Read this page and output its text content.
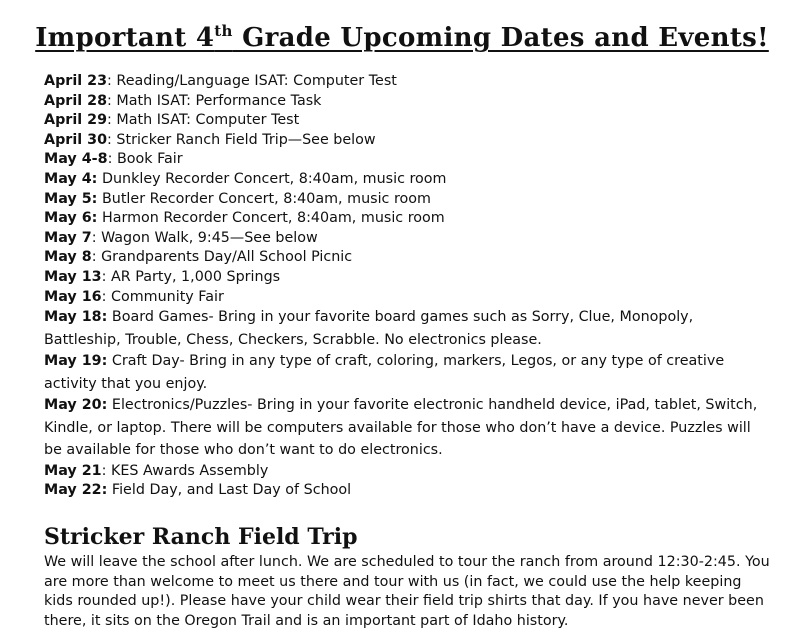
Important 4th Grade Upcoming Dates and Events!

April 23: Reading/Language ISAT: Computer Test

April 28: Math ISAT: Performance Task

April 29: Math ISAT: Computer Test

April 30: Stricker Ranch Field Trip—See below

May 4-8: Book Fair

May 4: Dunkley Recorder Concert, 8:40am, music room

May 5: Butler Recorder Concert, 8:40am, music room

May 6: Harmon Recorder Concert, 8:40am, music room

May 7: Wagon Walk, 9:45—See below

May 8: Grandparents Day/All School Picnic

May 13: AR Party, 1,000 Springs

May 16: Community Fair

May 18: Board Games- Bring in your favorite board games such as Sorry, Clue, Monopoly, Battleship, Trouble, Chess, Checkers, Scrabble. No electronics please.

May 19: Craft Day- Bring in any type of craft, coloring, markers, Legos, or any type of creative activity that you enjoy.

May 20: Electronics/Puzzles- Bring in your favorite electronic handheld device, iPad, tablet, Switch, Kindle, or laptop. There will be computers available for those who don’t have a device. Puzzles will be available for those who don’t want to do electronics.

May 21: KES Awards Assembly

May 22: Field Day, and Last Day of School

Stricker Ranch Field Trip
We will leave the school after lunch. We are scheduled to tour the ranch from around 12:30-2:45. You are more than welcome to meet us there and tour with us (in fact, we could use the help keeping kids rounded up!). Please have your child wear their field trip shirts that day. If you have never been there, it sits on the Oregon Trail and is an important part of Idaho history.
